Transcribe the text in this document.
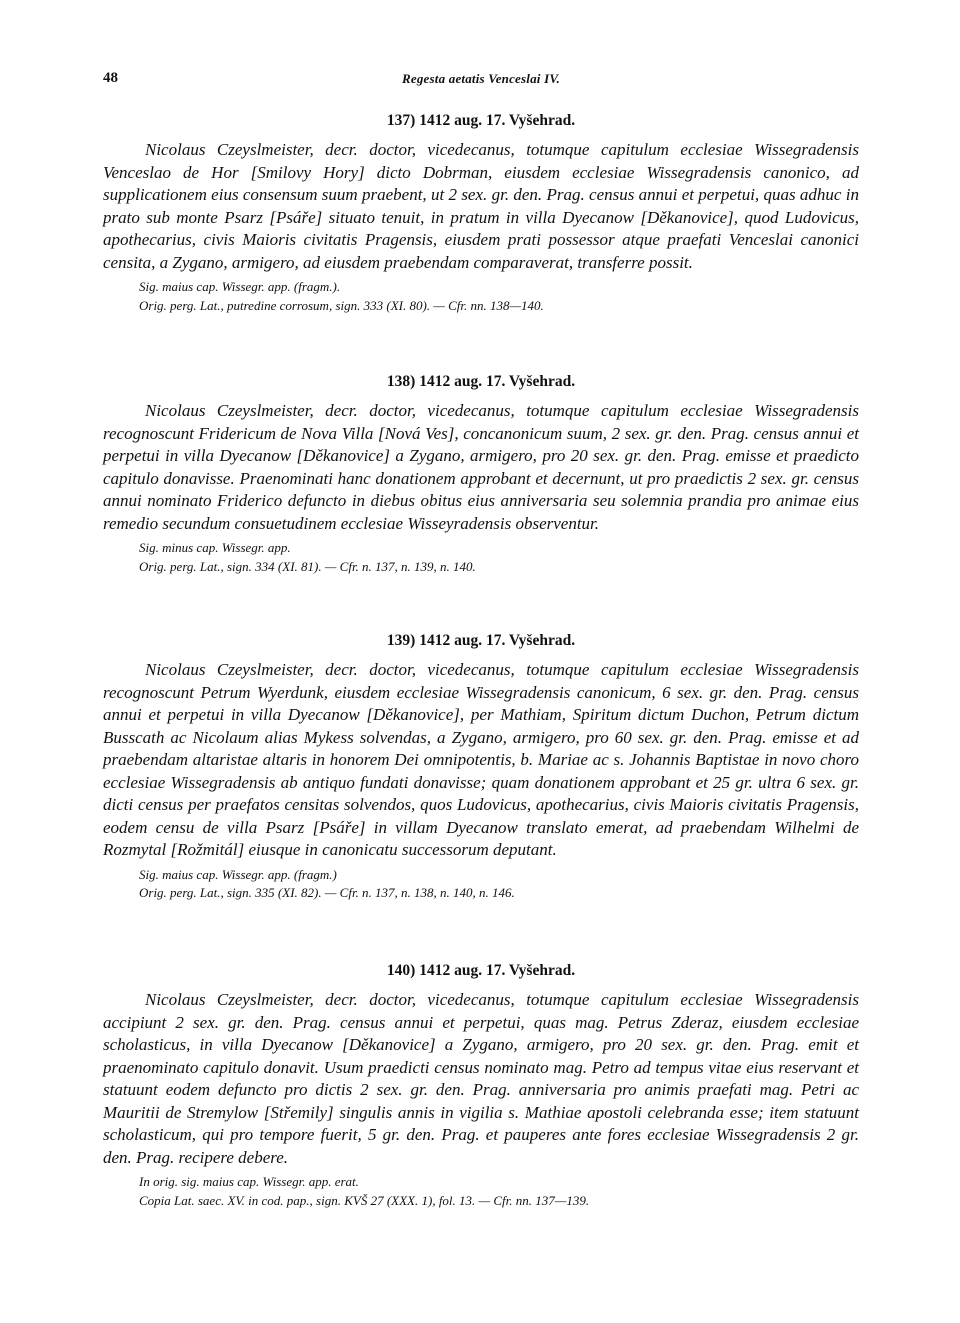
48	Regesta aetatis Venceslai IV.
137) 1412 aug. 17. Vyšehrad.

Nicolaus Czeyslmeister, decr. doctor, vicedecanus, totumque capitulum ecclesiae Wissegradensis Venceslao de Hor [Smilovy Hory] dicto Dobrman, eiusdem ecclesiae Wissegradensis canonico, ad supplicationem eius consensum suum praebent, ut 2 sex. gr. den. Prag. census annui et perpetui, quas adhuc in prato sub monte Psarz [Psáře] situato tenuit, in pratum in villa Dyecanow [Děkanovice], quod Ludovicus, apothecarius, civis Maioris civitatis Pragensis, eiusdem prati possessor atque praefati Venceslai canonici censita, a Zygano, armigero, ad eiusdem praebendam comparaverat, transferre possit.

Sig. maius cap. Wissegr. app. (fragm.).
Orig. perg. Lat., putredine corrosum, sign. 333 (XI. 80). — Cfr. nn. 138—140.
138) 1412 aug. 17. Vyšehrad.

Nicolaus Czeyslmeister, decr. doctor, vicedecanus, totumque capitulum ecclesiae Wissegradensis recognoscunt Fridericum de Nova Villa [Nová Ves], concanonicum suum, 2 sex. gr. den. Prag. census annui et perpetui in villa Dyecanow [Děkanovice] a Zygano, armigero, pro 20 sex. gr. den. Prag. emisse et praedicto capitulo donavisse. Praenominati hanc donationem approbant et decernunt, ut pro praedictis 2 sex. gr. census annui nominato Friderico defuncto in diebus obitus eius anniversaria seu solemnia prandia pro animae eius remedio secundum consuetudinem ecclesiae Wisseyradensis observentur.

Sig. minus cap. Wissegr. app.
Orig. perg. Lat., sign. 334 (XI. 81). — Cfr. n. 137, n. 139, n. 140.
139) 1412 aug. 17. Vyšehrad.

Nicolaus Czeyslmeister, decr. doctor, vicedecanus, totumque capitulum ecclesiae Wissegradensis recognoscunt Petrum Wyerdunk, eiusdem ecclesiae Wissegradensis canonicum, 6 sex. gr. den. Prag. census annui et perpetui in villa Dyecanow [Děkanovice], per Mathiam, Spiritum dictum Duchon, Petrum dictum Busscath ac Nicolaum alias Mykess solvendas, a Zygano, armigero, pro 60 sex. gr. den. Prag. emisse et ad praebendam altaristae altaris in honorem Dei omnipotentis, b. Mariae ac s. Johannis Baptistae in novo choro ecclesiae Wissegradensis ab antiquo fundati donavisse; quam donationem approbant et 25 gr. ultra 6 sex. gr. dicti census per praefatos censitas solvendos, quos Ludovicus, apothecarius, civis Maioris civitatis Pragensis, eodem censu de villa Psarz [Psáře] in villam Dyecanow translato emerat, ad praebendam Wilhelmi de Rozmytal [Rožmitál] eiusque in canonicatu successorum deputant.

Sig. maius cap. Wissegr. app. (fragm.)
Orig. perg. Lat., sign. 335 (XI. 82). — Cfr. n. 137, n. 138, n. 140, n. 146.
140) 1412 aug. 17. Vyšehrad.

Nicolaus Czeyslmeister, decr. doctor, vicedecanus, totumque capitulum ecclesiae Wissegradensis accipiunt 2 sex. gr. den. Prag. census annui et perpetui, quas mag. Petrus Zderaz, eiusdem ecclesiae scholasticus, in villa Dyecanow [Děkanovice] a Zygano, armigero, pro 20 sex. gr. den. Prag. emit et praenominato capitulo donavit. Usum praedicti census nominato mag. Petro ad tempus vitae eius reservant et statuunt eodem defuncto pro dictis 2 sex. gr. den. Prag. anniversaria pro animis praefati mag. Petri ac Mauritii de Stremylow [Střemily] singulis annis in vigilia s. Mathiae apostoli celebranda esse; item statuunt scholasticum, qui pro tempore fuerit, 5 gr. den. Prag. et pauperes ante fores ecclesiae Wissegradensis 2 gr. den. Prag. recipere debere.

In orig. sig. maius cap. Wissegr. app. erat.
Copia Lat. saec. XV. in cod. pap., sign. KVŠ 27 (XXX. 1), fol. 13. — Cfr. nn. 137—139.
